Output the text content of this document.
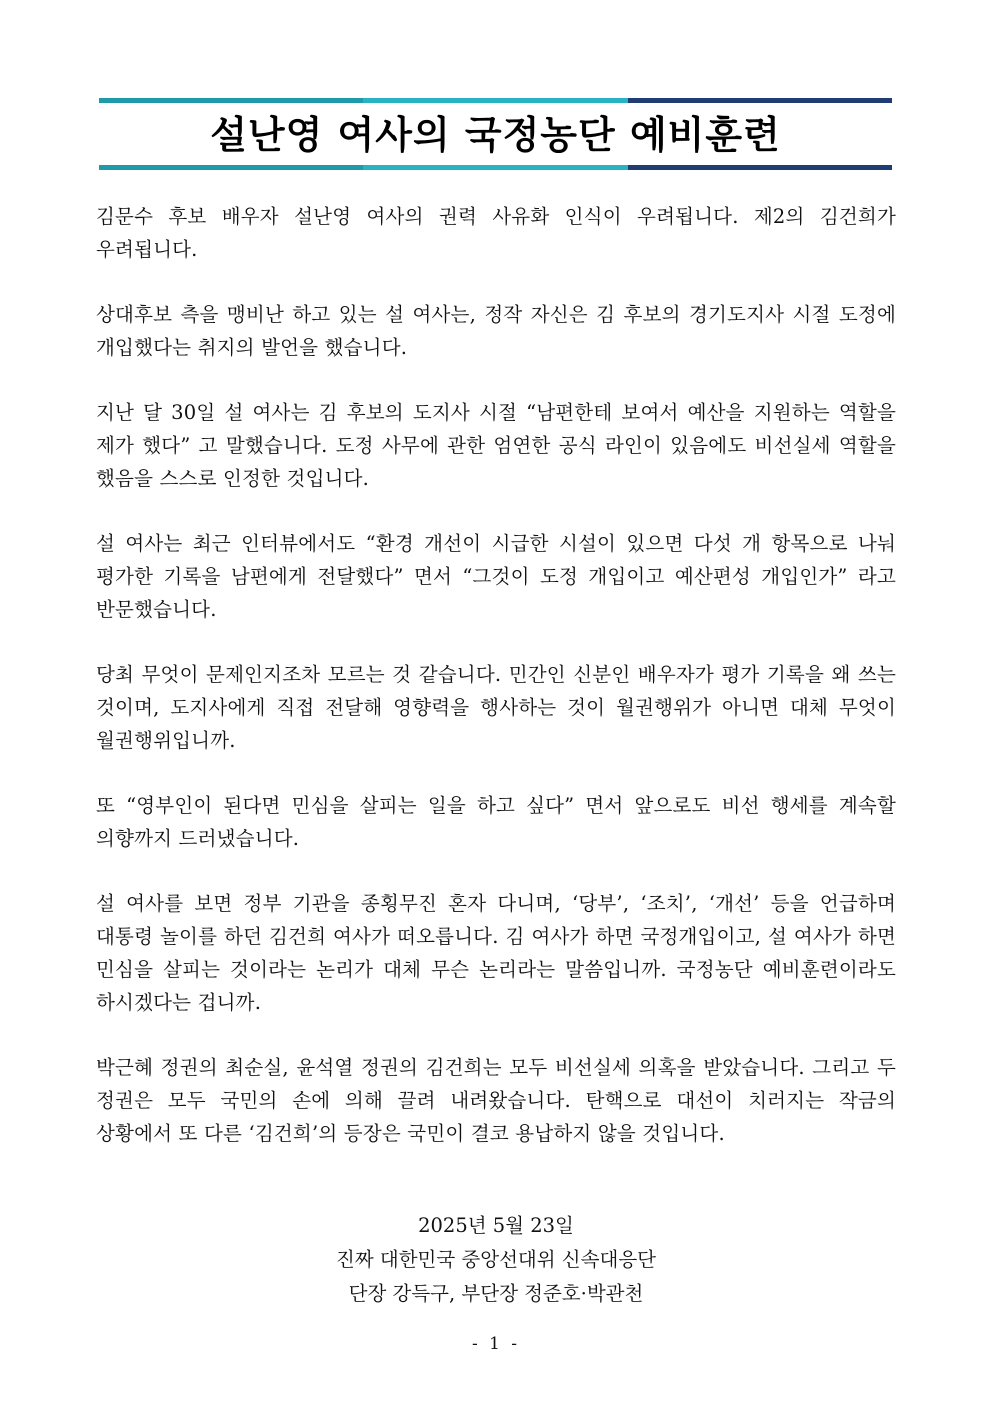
설난영 여사의 국정농단 예비훈련

김문수 후보 배우자 설난영 여사의 권력 사유화 인식이 우려됩니다. 제2의 김건희가 우려됩니다.

상대후보 측을 맹비난 하고 있는 설 여사는, 정작 자신은 김 후보의 경기도지사 시절 도정에 개입했다는 취지의 발언을 했습니다.

지난 달 30일 설 여사는 김 후보의 도지사 시절 “남편한테 보여서 예산을 지원하는 역할을 제가 했다” 고 말했습니다. 도정 사무에 관한 엄연한 공식 라인이 있음에도 비선실세 역할을 했음을 스스로 인정한 것입니다.

설 여사는 최근 인터뷰에서도 “환경 개선이 시급한 시설이 있으면 다섯 개 항목으로 나눠 평가한 기록을 남편에게 전달했다” 면서 “그것이 도정 개입이고 예산편성 개입인가” 라고 반문했습니다.

당최 무엇이 문제인지조차 모르는 것 같습니다. 민간인 신분인 배우자가 평가 기록을 왜 쓰는 것이며, 도지사에게 직접 전달해 영향력을 행사하는 것이 월권행위가 아니면 대체 무엇이 월권행위입니까.

또 “영부인이 된다면 민심을 살피는 일을 하고 싶다” 면서 앞으로도 비선 행세를 계속할 의향까지 드러냈습니다.

설 여사를 보면 정부 기관을 종횡무진 혼자 다니며, ‘당부’, ‘조치’, ‘개선’ 등을 언급하며 대통령 놀이를 하던 김건희 여사가 떠오릅니다. 김 여사가 하면 국정개입이고, 설 여사가 하면 민심을 살피는 것이라는 논리가 대체 무슨 논리라는 말씀입니까. 국정농단 예비훈련이라도 하시겠다는 겁니까.

박근혜 정권의 최순실, 윤석열 정권의 김건희는 모두 비선실세 의혹을 받았습니다. 그리고 두 정권은 모두 국민의 손에 의해 끌려 내려왔습니다. 탄핵으로 대선이 치러지는 작금의 상황에서 또 다른 ‘김건희’의 등장은 국민이 결코 용납하지 않을 것입니다.

2025년 5월 23일
진짜 대한민국 중앙선대위 신속대응단
단장 강득구, 부단장 정준호·박관천
- 1 -
